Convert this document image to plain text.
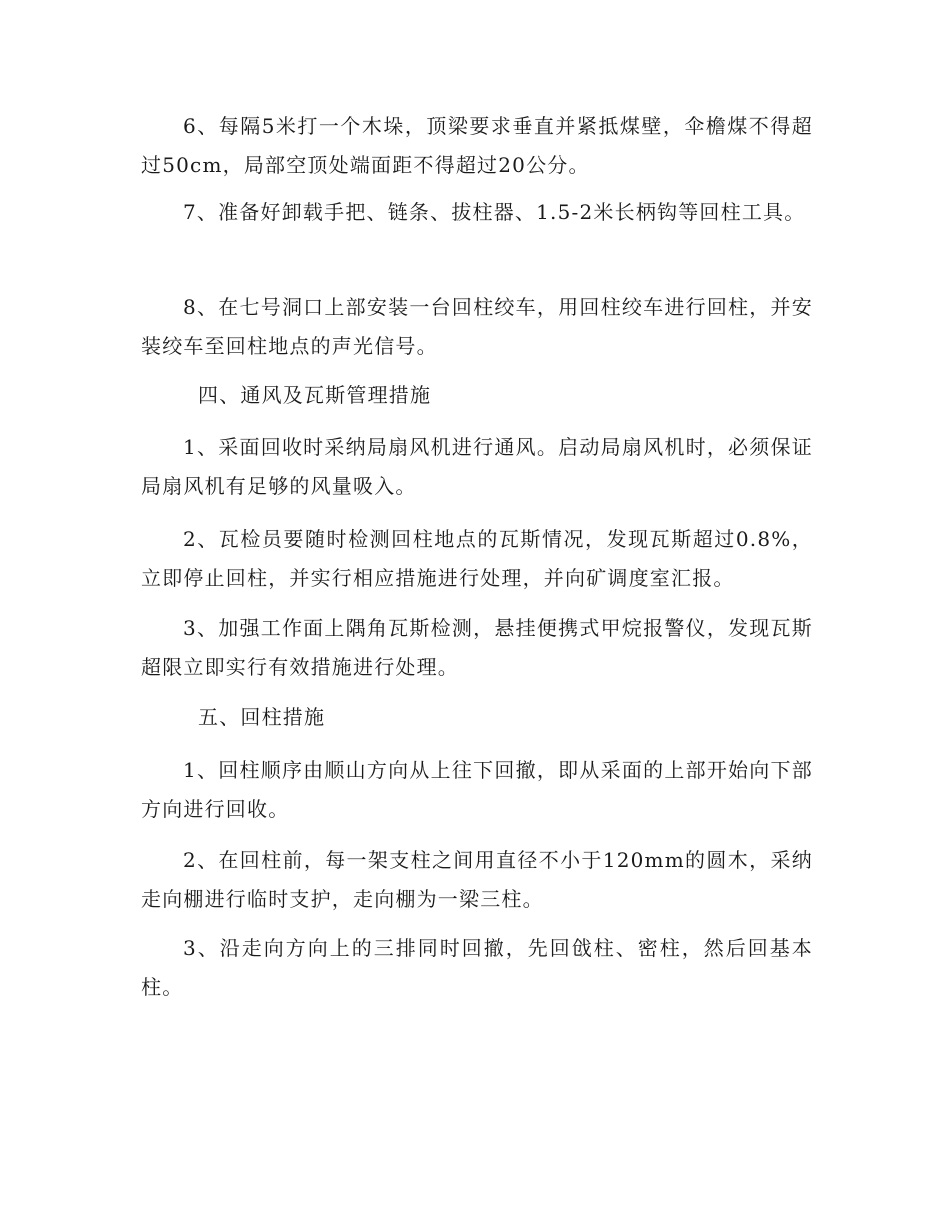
6、每隔5米打一个木垛，顶梁要求垂直并紧抵煤壁，伞檐煤不得超过50cm，局部空顶处端面距不得超过20公分。

7、准备好卸载手把、链条、拔柱器、1.5-2米长柄钩等回柱工具。

8、在七号洞口上部安装一台回柱绞车，用回柱绞车进行回柱，并安装绞车至回柱地点的声光信号。

四、通风及瓦斯管理措施

1、采面回收时采纳局扇风机进行通风。启动局扇风机时，必须保证局扇风机有足够的风量吸入。

2、瓦检员要随时检测回柱地点的瓦斯情况，发现瓦斯超过0.8%，立即停止回柱，并实行相应措施进行处理，并向矿调度室汇报。

3、加强工作面上隅角瓦斯检测，悬挂便携式甲烷报警仪，发现瓦斯超限立即实行有效措施进行处理。

五、回柱措施

1、回柱顺序由顺山方向从上往下回撤，即从采面的上部开始向下部方向进行回收。

2、在回柱前，每一架支柱之间用直径不小于120mm的圆木，采纳走向棚进行临时支护，走向棚为一梁三柱。

3、沿走向方向上的三排同时回撤，先回戗柱、密柱，然后回基本柱。
